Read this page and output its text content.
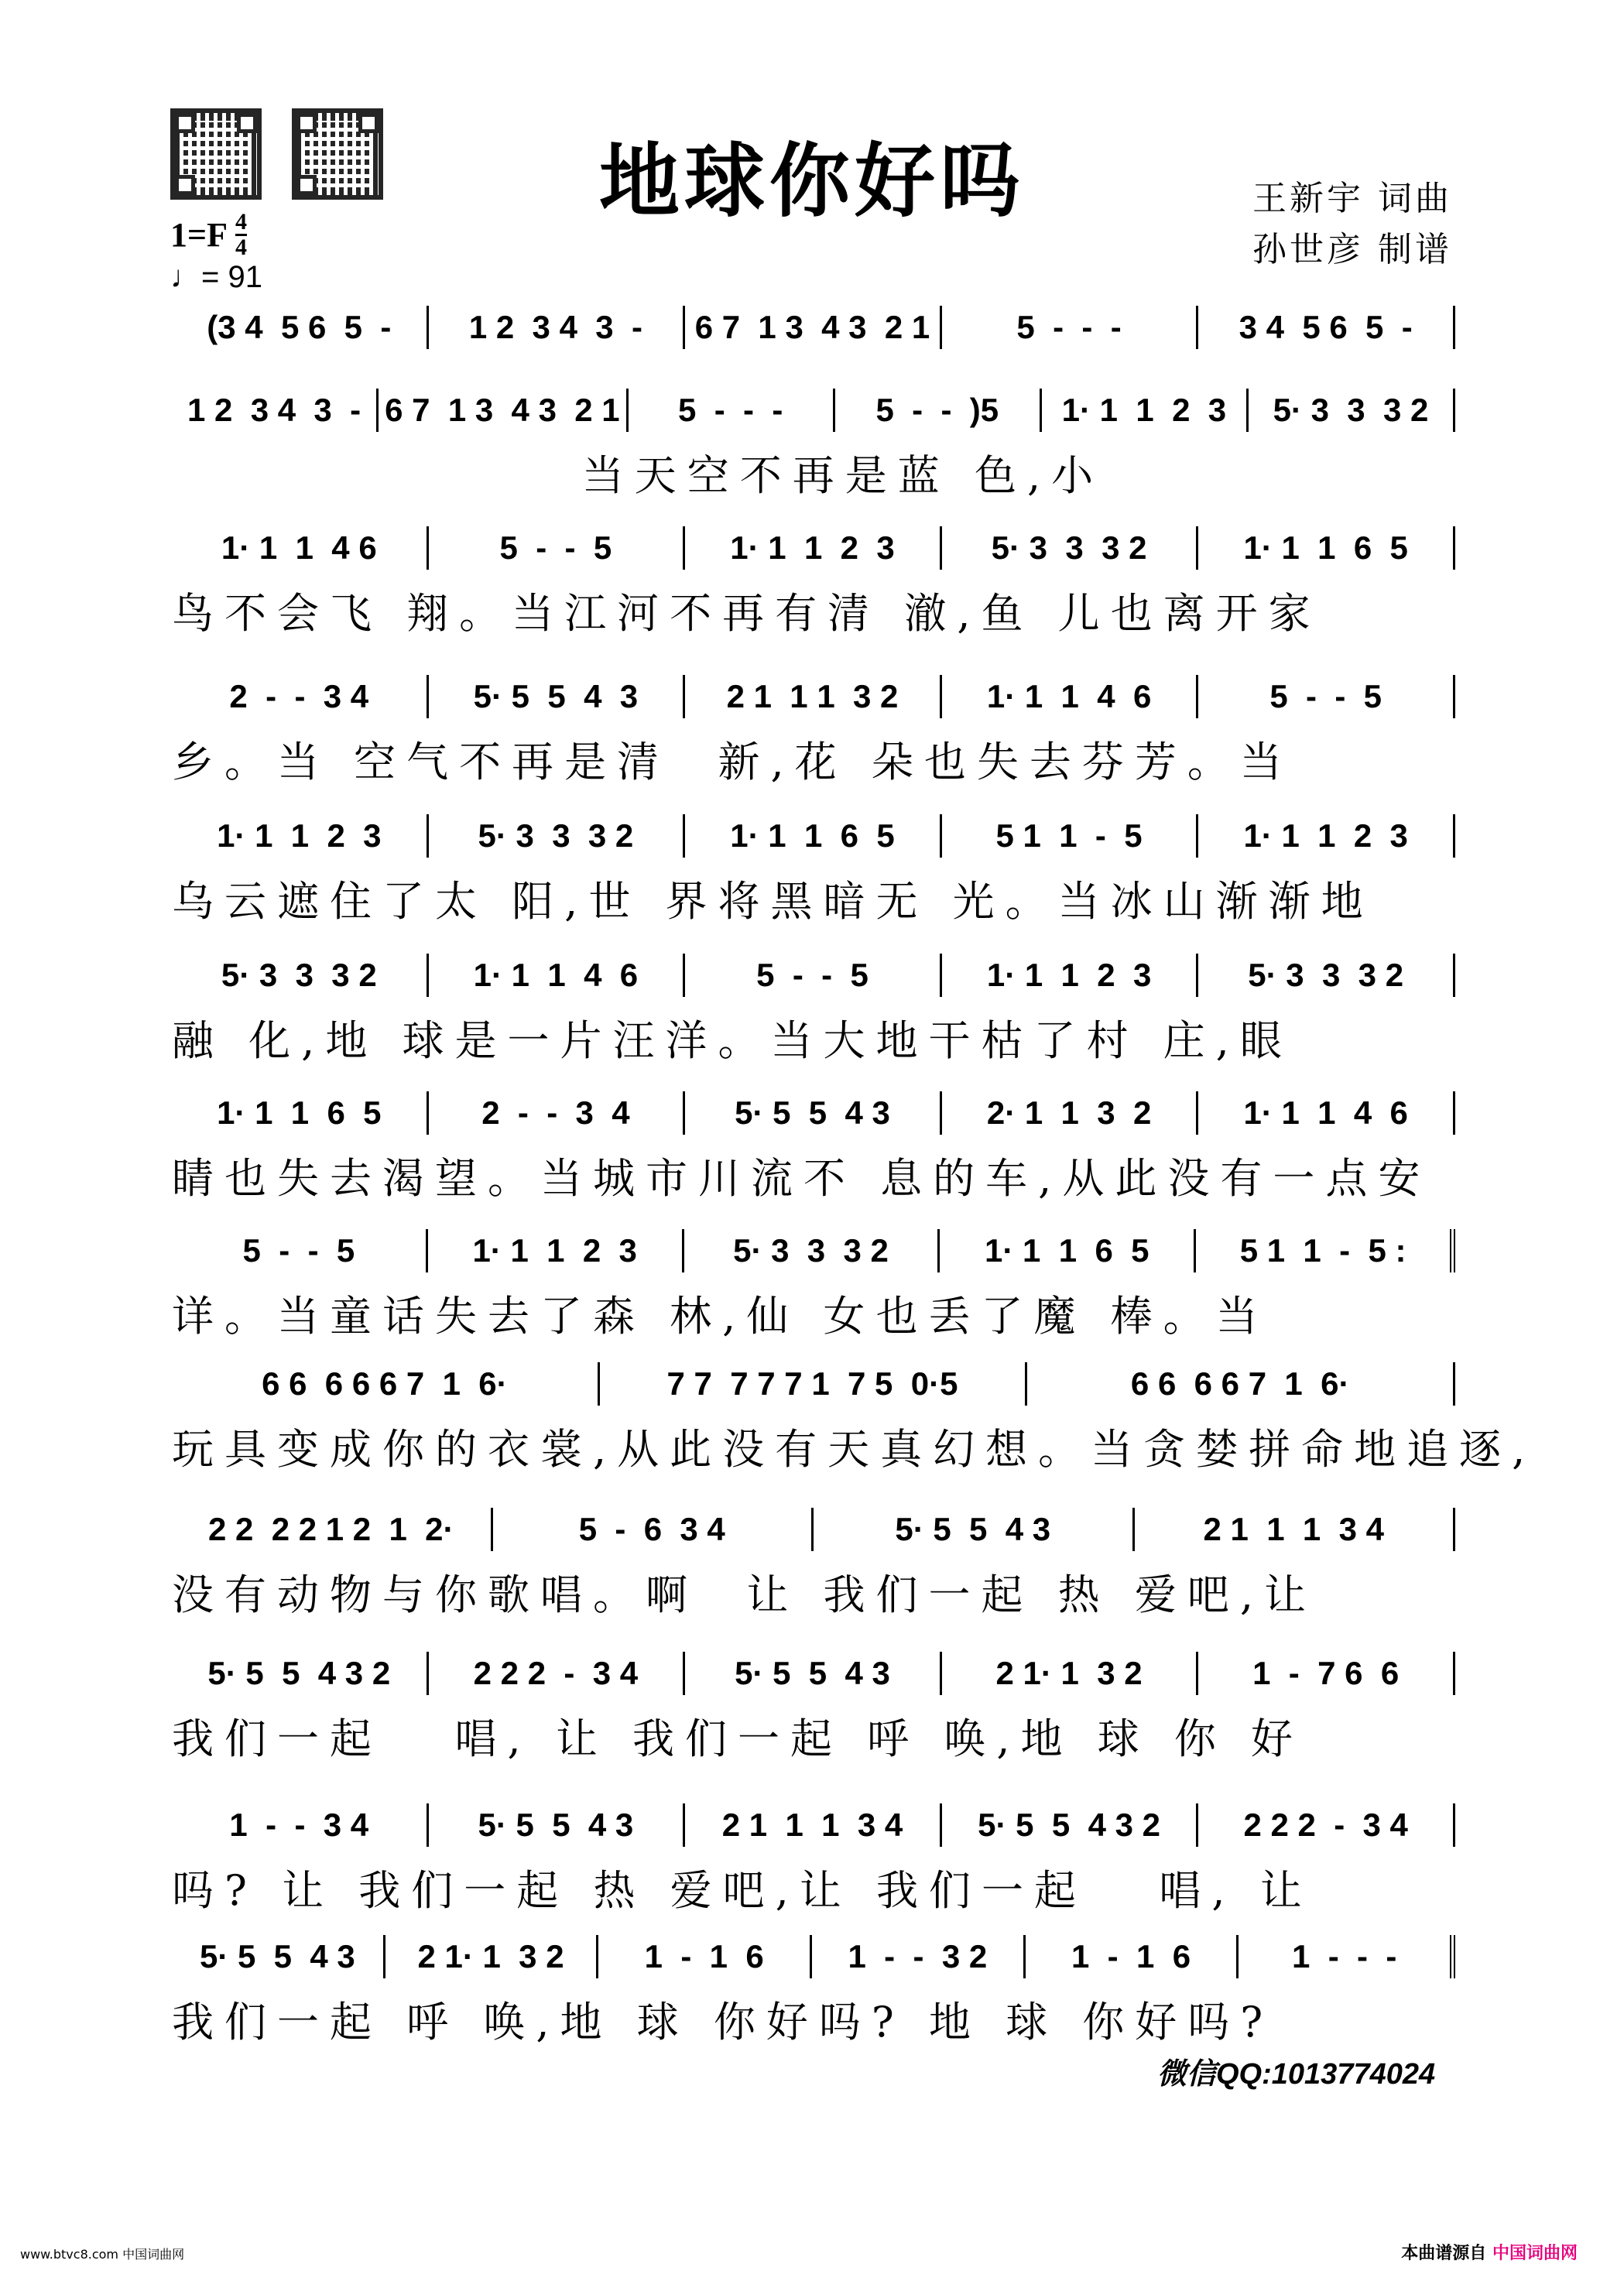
地球你好吗	王新宇 词曲
孙世彦 制谱
$1=F \frac{4}{4}$
♩= 91
(3 4  5 6  5  -	1 2  3 4  3  -	6 7  1 3  4 3  2 1	5  -  -  -	3 4  5 6  5  -
1 2  3 4  3  - 6 7  1 3  4 3  2 1	5  -  -  -	5  -  -  )5	1· 1  1  2  3	5· 3  3  3 2
当天空不再是蓝 色,小
1· 1  1  4 6	5  -  -  5	1· 1  1  2  3	5· 3  3  3 2	1· 1  1  6  5
鸟不会飞 翔。当江河不再有清 澈,鱼 儿也离开家
2  -  -  3 4	5· 5  5  4  3	2 1  1 1  3 2	1· 1  1  4  6	5  -  -  5
乡。当 空气不再是清  新,花 朵也失去芬芳。当
1· 1  1  2  3	5· 3  3  3 2	1· 1  1  6  5	5 1  1  -  5	1· 1  1  2  3
乌云遮住了太 阳,世 界将黑暗无 光。当冰山渐渐地
5· 3  3  3 2	1· 1  1  4  6	5  -  -  5	1· 1  1  2  3	5· 3  3  3 2
融 化,地 球是一片汪洋。当大地干枯了村 庄,眼
1· 1  1  6  5	2  -  -  3  4	5· 5  5  4 3	2· 1  1  3  2	1· 1  1  4  6
睛也失去渴望。当城市川流不 息的车,从此没有一点安
5  -  -  5	1· 1  1  2  3	5· 3  3  3 2	1· 1  1  6  5	5 1  1  -  5 :
详。当童话失去了森 林,仙 女也丢了魔 棒。当
6 6  6 6 6 7  1  6·	7 7  7 7 7 1  7 5  0·5	6 6  6 6 7  1  6·
玩具变成你的衣裳,从此没有天真幻想。当贪婪拼命地追逐,
2 2  2 2 1 2  1  2·	5  -  6  3 4	5· 5  5  4 3	2 1  1  1  3 4
没有动物与你歌唱。啊  让 我们一起 热 爱吧,让
5· 5  5  4 3 2	2 2 2  -  3 4	5· 5  5  4 3	2 1· 1  3 2	1  -  7 6  6
我们一起   唱, 让 我们一起 呼 唤,地 球 你 好
1  -  -  3 4	5· 5  5  4 3	2 1  1  1  3 4	5· 5  5  4 3 2	2 2 2  -  3 4
吗? 让 我们一起 热 爱吧,让 我们一起   唱, 让
5· 5  5  4 3	2 1· 1  3 2	1  -  1  6	1  -  -  3 2	1  -  1  6	1  -  -  -
我们一起 呼 唤,地 球 你好吗? 地 球 你好吗?
微信QQ:1013774024
www.btvc8.com 中国词曲网	本曲谱源自 中国词曲网
